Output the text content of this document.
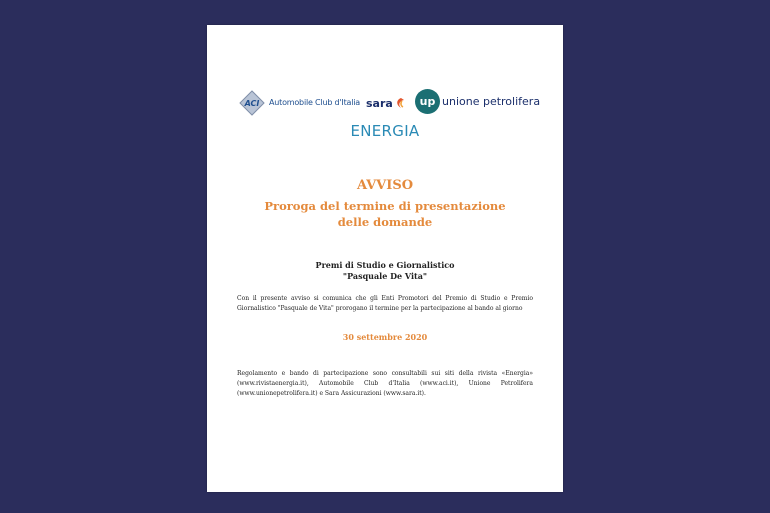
ACI Automobile Club d'Italia sara	up unione petrolifera
ENERGIA
AVVISO
Proroga del termine di presentazione
delle domande
Premi di Studio e Giornalistico
"Pasquale De Vita"
Con il presente avviso si comunica che gli Enti Promotori del Premio di Studio e Premio Giornalistico "Pasquale de Vita" prorogano il termine per la partecipazione al bando al giorno
30 settembre 2020
Regolamento e bando di partecipazione sono consultabili sui siti della rivista «Energia» (www.rivistaenergia.it), Automobile Club d'Italia (www.aci.it), Unione Petrolifera (www.unionepetrolifera.it) e Sara Assicurazioni (www.sara.it).
